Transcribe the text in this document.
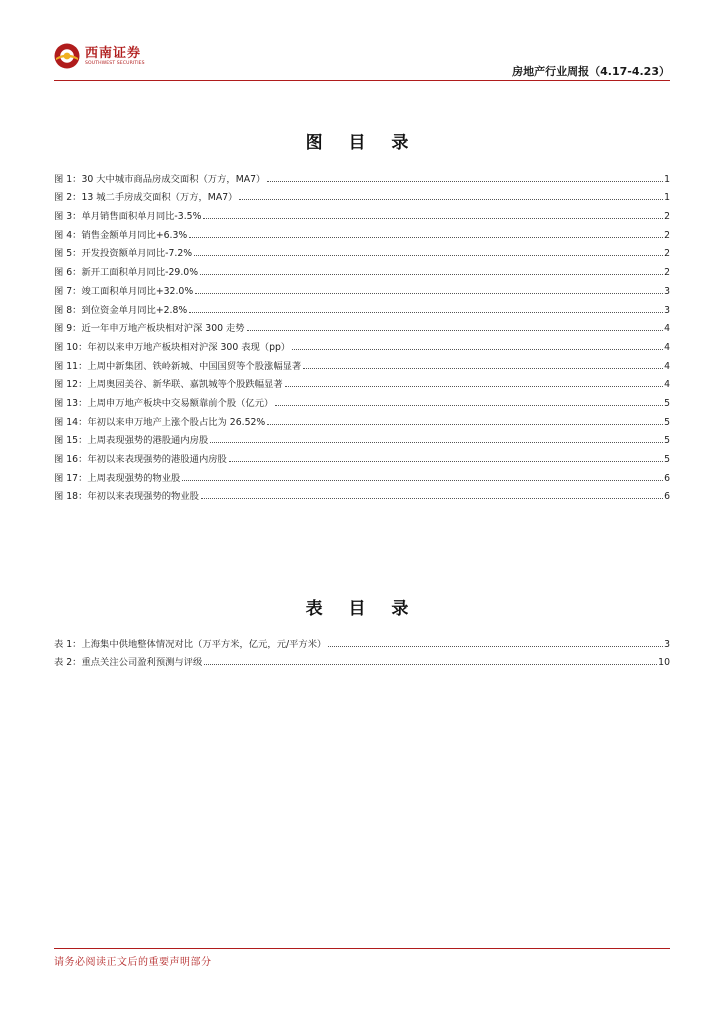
西南证券
SOUTHWEST SECURITIES
房地产行业周报（4.17-4.23）
图 目 录
图 1：30 大中城市商品房成交面积（万方，MA7）	1
图 2：13 城二手房成交面积（万方，MA7）	1
图 3：单月销售面积单月同比-3.5%	2
图 4：销售金额单月同比+6.3%	2
图 5：开发投资额单月同比-7.2%	2
图 6：新开工面积单月同比-29.0%	2
图 7：竣工面积单月同比+32.0%	3
图 8：到位资金单月同比+2.8%	3
图 9：近一年申万地产板块相对沪深 300 走势	4
图 10：年初以来申万地产板块相对沪深 300 表现（pp）	4
图 11：上周中新集团、铁岭新城、中国国贸等个股涨幅显著	4
图 12：上周奥园美谷、新华联、嘉凯城等个股跌幅显著	4
图 13：上周申万地产板块中交易额靠前个股（亿元）	5
图 14：年初以来申万地产上涨个股占比为 26.52%	5
图 15：上周表现强势的港股通内房股	5
图 16：年初以来表现强势的港股通内房股	5
图 17：上周表现强势的物业股	6
图 18：年初以来表现强势的物业股	6
表 目 录
表 1：上海集中供地整体情况对比（万平方米，亿元，元/平方米）	3
表 2：重点关注公司盈利预测与评级	10
请务必阅读正文后的重要声明部分
